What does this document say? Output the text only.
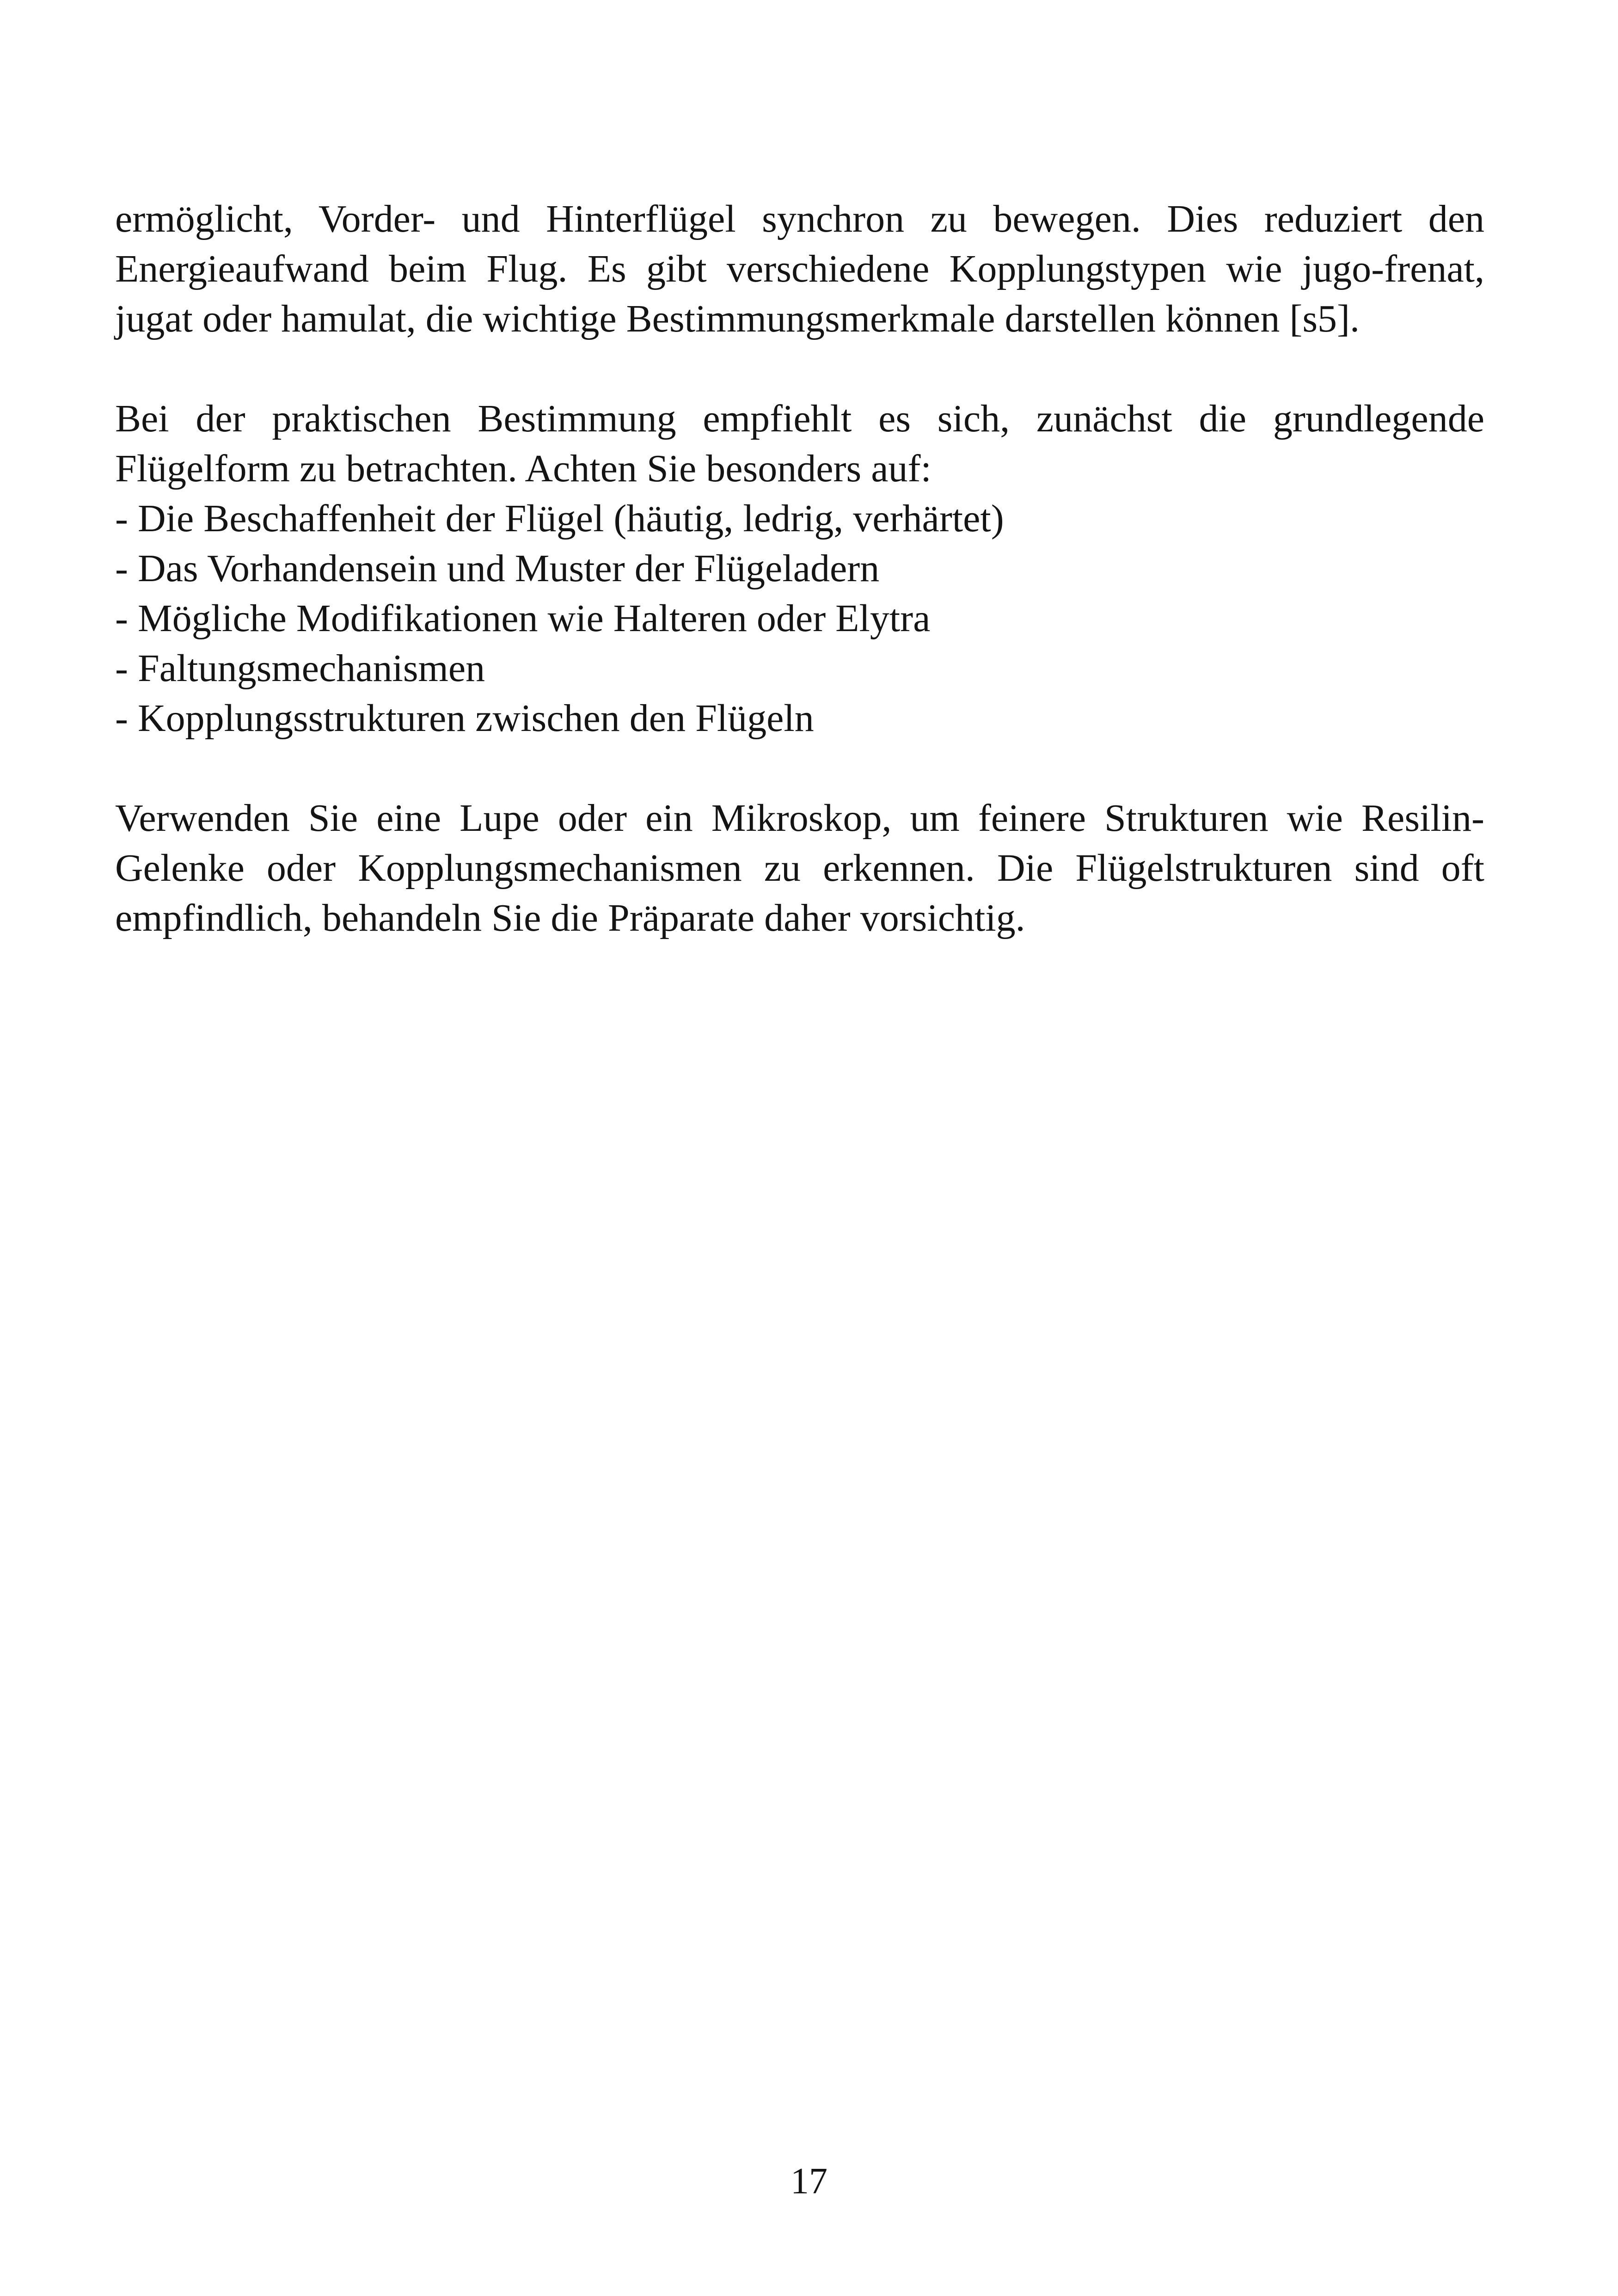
ermöglicht, Vorder- und Hinterflügel synchron zu bewegen. Dies reduziert den Energieaufwand beim Flug. Es gibt verschiedene Kopplungstypen wie jugo-frenat, jugat oder hamulat, die wichtige Bestimmungsmerkmale darstellen können [s5].

Bei der praktischen Bestimmung empfiehlt es sich, zunächst die grundlegende Flügelform zu betrachten. Achten Sie besonders auf:

- Die Beschaffenheit der Flügel (häutig, ledrig, verhärtet)
- Das Vorhandensein und Muster der Flügeladern
- Mögliche Modifikationen wie Halteren oder Elytra
- Faltungsmechanismen
- Kopplungsstrukturen zwischen den Flügeln

Verwenden Sie eine Lupe oder ein Mikroskop, um feinere Strukturen wie Resilin-Gelenke oder Kopplungsmechanismen zu erkennen. Die Flügelstrukturen sind oft empfindlich, behandeln Sie die Präparate daher vorsichtig.

17
